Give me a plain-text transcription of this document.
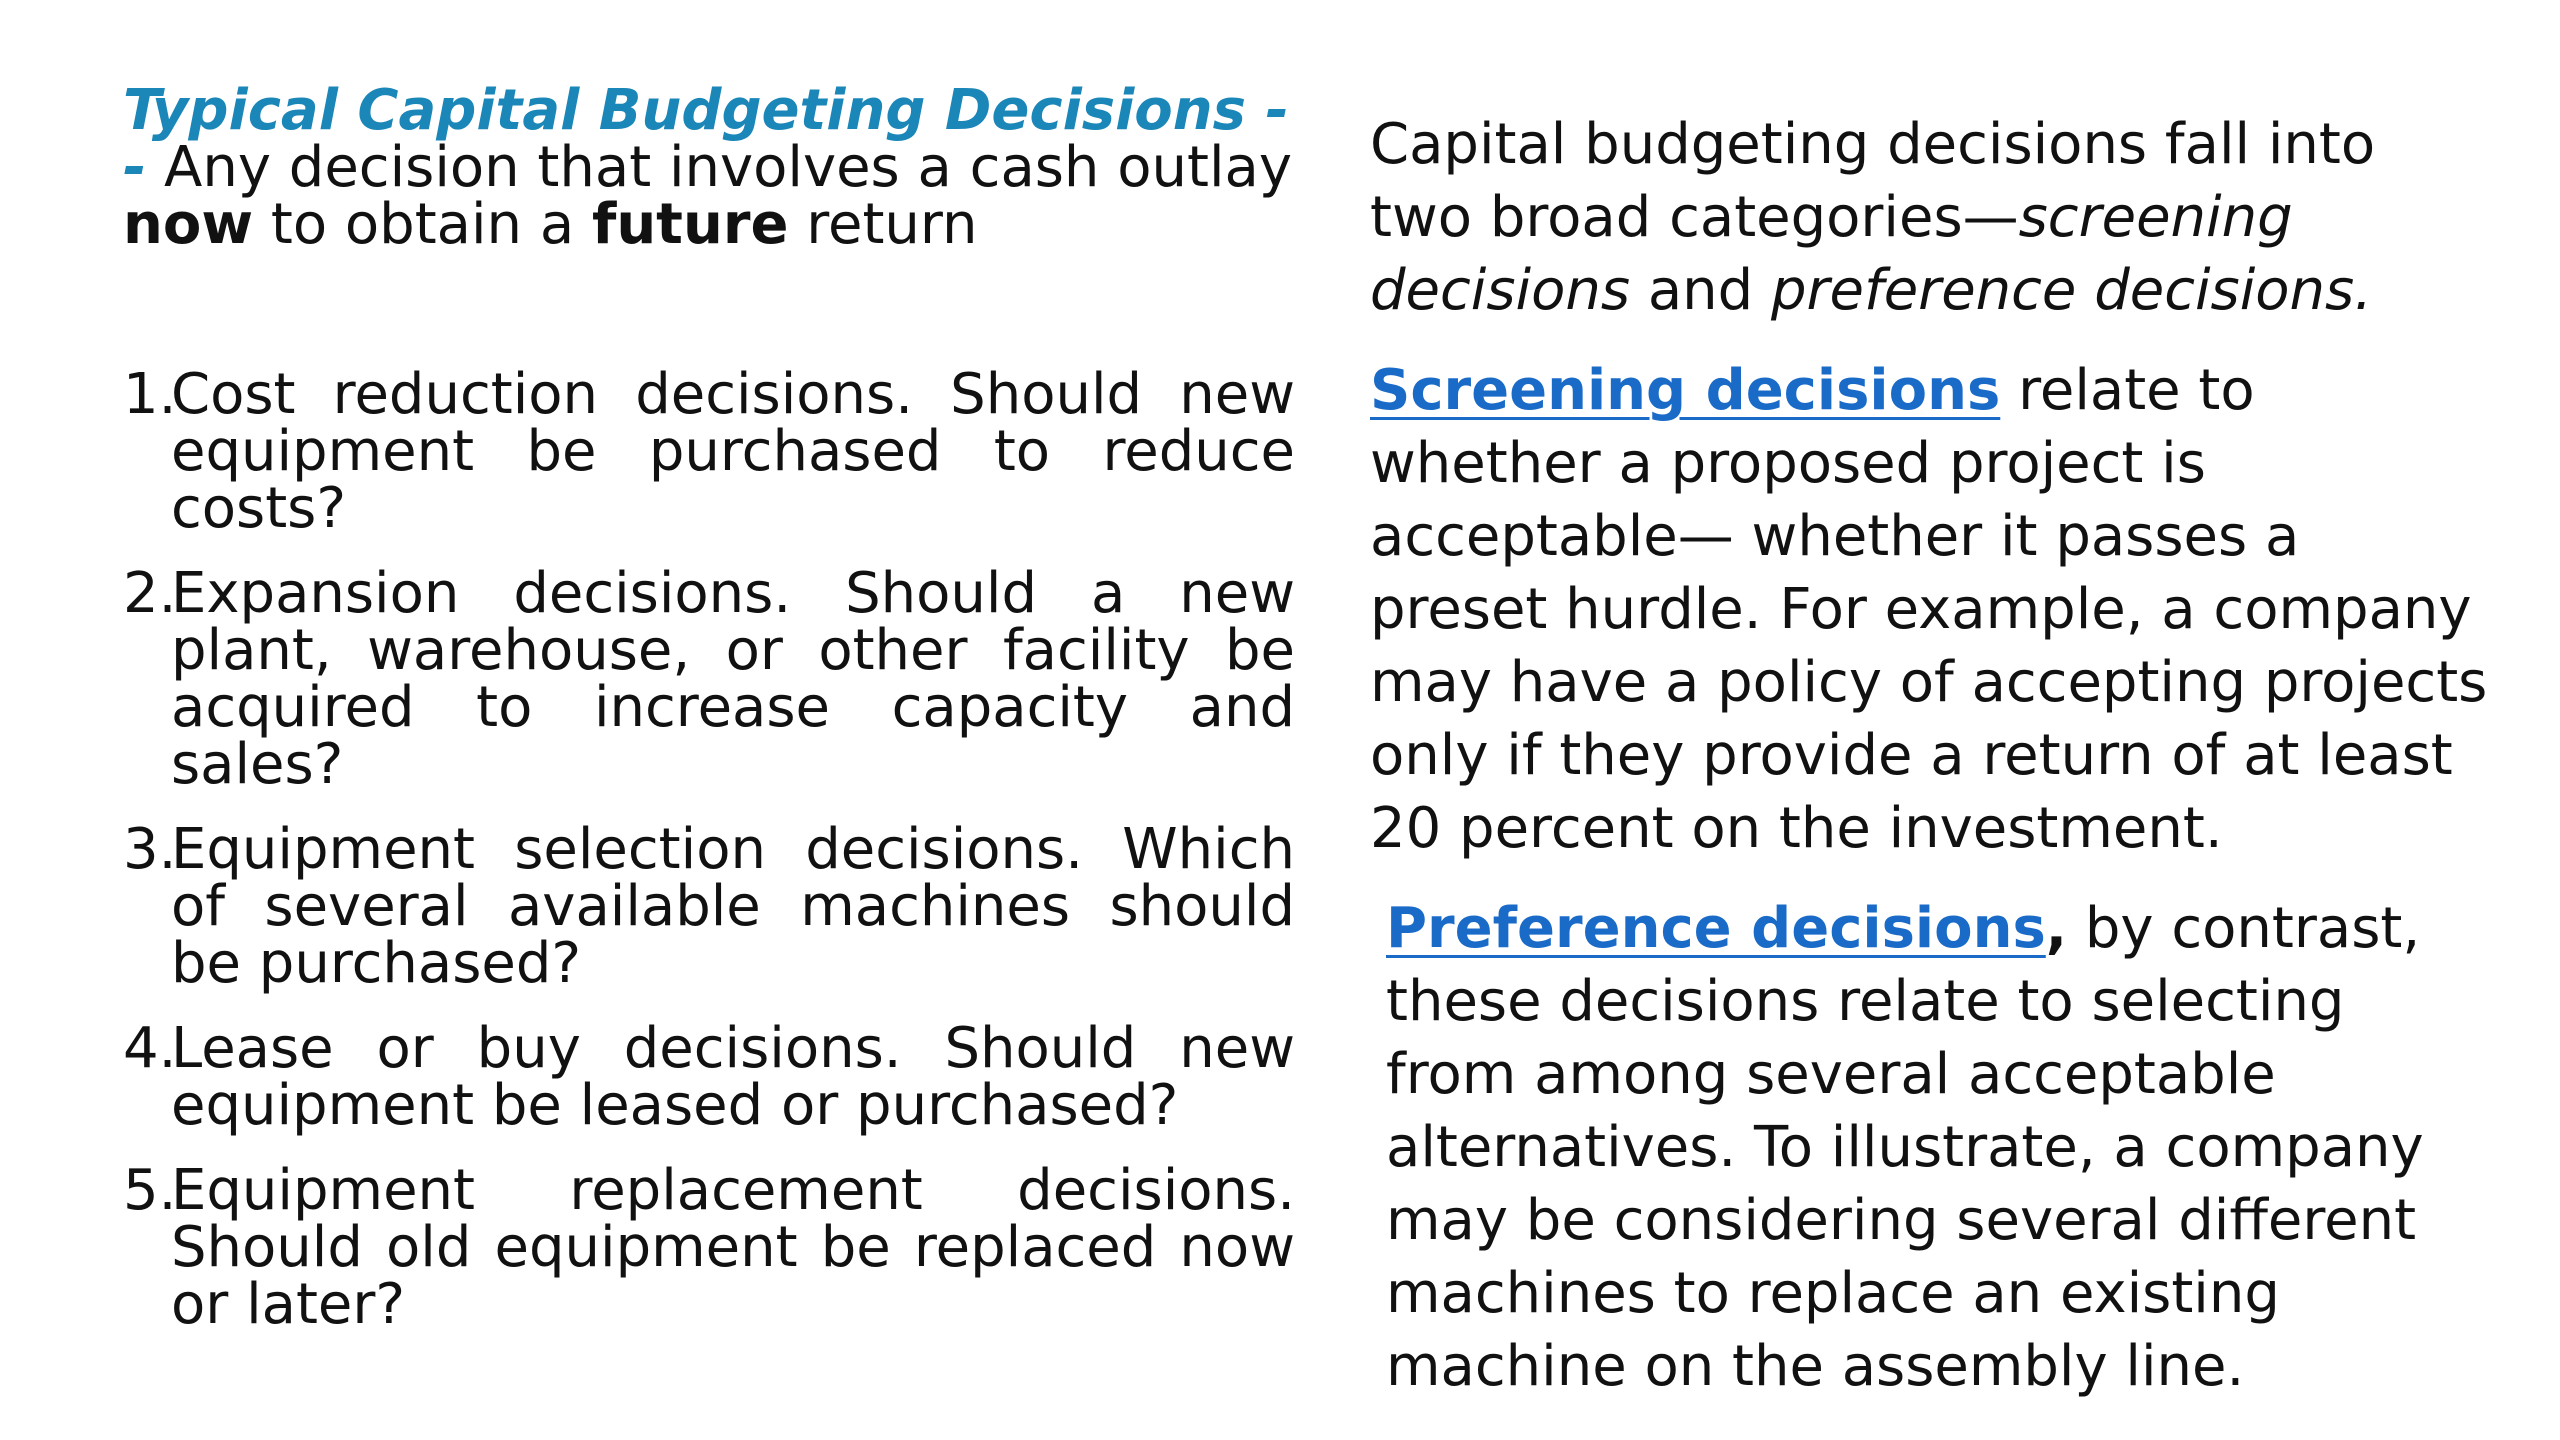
Typical Capital Budgeting Decisions -- Any decision that involves a cash outlay now to obtain a future return

1.
Cost reduction decisions. Should new equipment be purchased to reduce costs?
2.
Expansion decisions. Should a new plant, warehouse, or other facility be acquired to increase capacity and sales?
3.
Equipment selection decisions. Which of several available machines should be purchased?
4.
Lease or buy decisions. Should new equipment be leased or purchased?
5.
Equipment replacement decisions. Should old equipment be replaced now or later?

Capital budgeting decisions fall into two broad categories—screening decisions and preference decisions.

Screening decisions relate to whether a proposed project is acceptable— whether it passes a preset hurdle. For example, a company may have a policy of accepting projects only if they provide a return of at least 20 percent on the investment.

Preference decisions, by contrast, these decisions relate to selecting from among several acceptable alternatives. To illustrate, a company may be considering several different machines to replace an existing machine on the assembly line.
